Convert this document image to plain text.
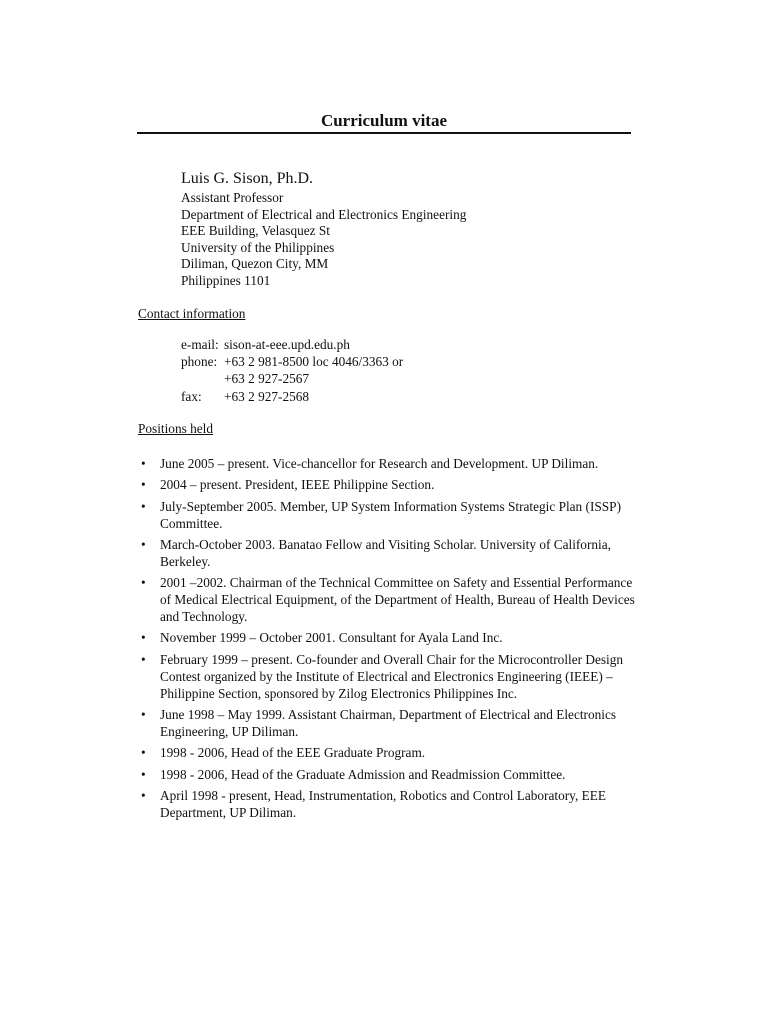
Curriculum vitae
Luis G. Sison, Ph.D.
Assistant Professor
Department of Electrical and Electronics Engineering
EEE Building, Velasquez St
University of the Philippines
Diliman, Quezon City, MM
Philippines 1101
Contact information
e-mail: sison-at-eee.upd.edu.ph
phone: +63 2 981-8500 loc 4046/3363 or
+63 2 927-2567
fax:	+63 2 927-2568
Positions held
• June 2005 – present. Vice-chancellor for Research and Development. UP Diliman.
• 2004 – present. President, IEEE Philippine Section.
• July-September 2005. Member, UP System Information Systems Strategic Plan (ISSP) Committee.
• March-October 2003. Banatao Fellow and Visiting Scholar. University of California, Berkeley.
• 2001 –2002. Chairman of the Technical Committee on Safety and Essential Performance of Medical Electrical Equipment, of the Department of Health, Bureau of Health Devices and Technology.
• November 1999 – October 2001. Consultant for Ayala Land Inc.
• February 1999 – present. Co-founder and Overall Chair for the Microcontroller Design Contest organized by the Institute of Electrical and Electronics Engineering (IEEE) – Philippine Section, sponsored by Zilog Electronics Philippines Inc.
• June 1998 – May 1999. Assistant Chairman, Department of Electrical and Electronics Engineering, UP Diliman.
• 1998 - 2006, Head of the EEE Graduate Program.
• 1998 - 2006, Head of the Graduate Admission and Readmission Committee.
• April 1998 - present, Head, Instrumentation, Robotics and Control Laboratory, EEE Department, UP Diliman.
